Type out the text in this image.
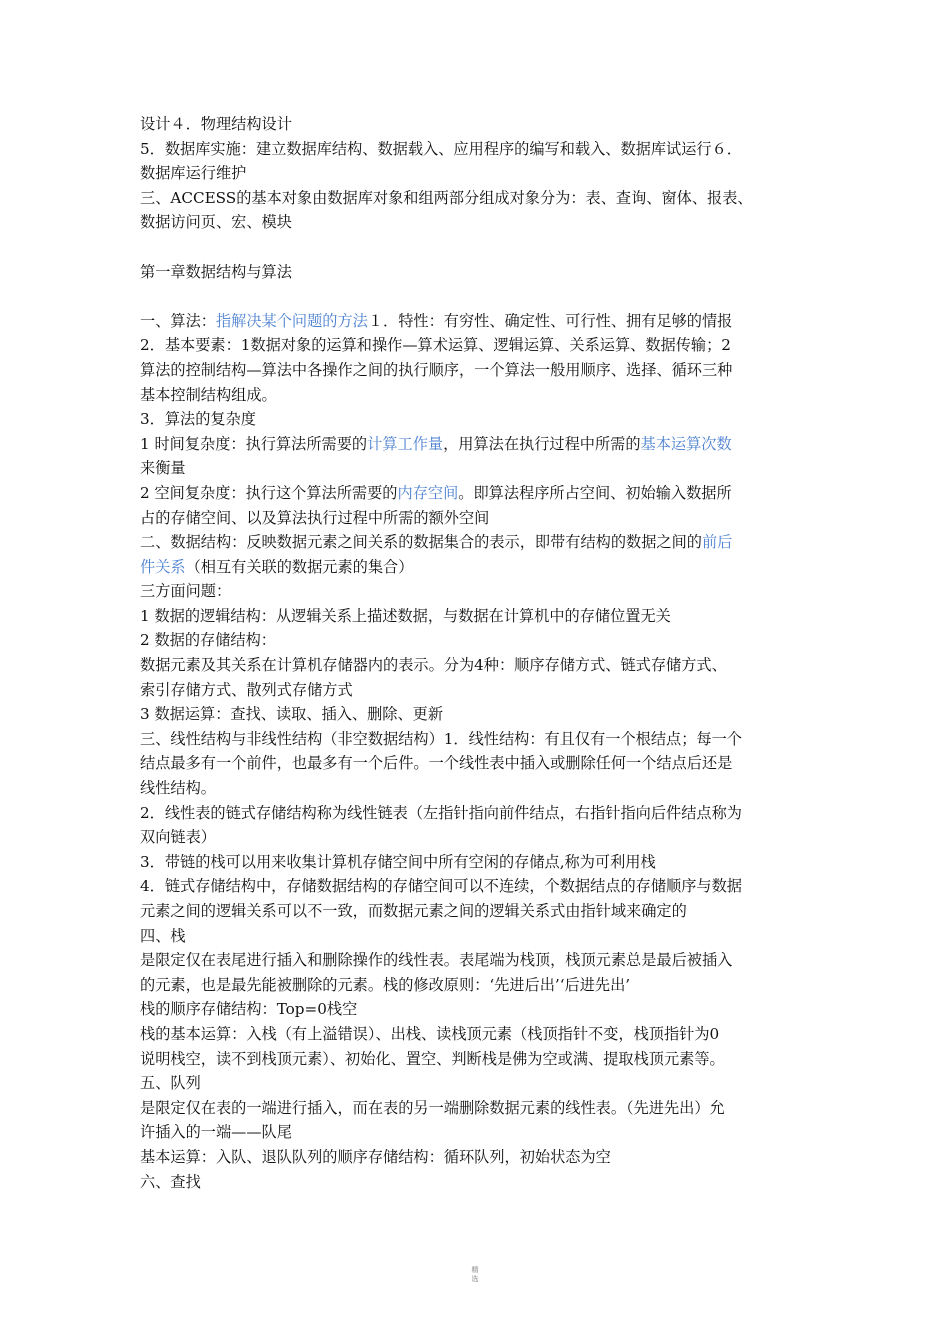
设计４．物理结构设计
5．数据库实施：建立数据库结构、数据载入、应用程序的编写和载入、数据库试运行６．
数据库运行维护
三、ACCESS的基本对象由数据库对象和组两部分组成对象分为：表、查询、窗体、报表、
数据访问页、宏、模块
第一章数据结构与算法
一、算法：指解决某个问题的方法１．特性：有穷性、确定性、可行性、拥有足够的情报
2．基本要素：1数据对象的运算和操作—算术运算、逻辑运算、关系运算、数据传输；2
算法的控制结构—算法中各操作之间的执行顺序，一个算法一般用顺序、选择、循环三种
基本控制结构组成。
3．算法的复杂度
1 时间复杂度：执行算法所需要的计算工作量，用算法在执行过程中所需的基本运算次数
来衡量
2 空间复杂度：执行这个算法所需要的内存空间。即算法程序所占空间、初始输入数据所
占的存储空间、以及算法执行过程中所需的额外空间
二、数据结构：反映数据元素之间关系的数据集合的表示，即带有结构的数据之间的前后
件关系（相互有关联的数据元素的集合）
三方面问题：
1 数据的逻辑结构：从逻辑关系上描述数据，与数据在计算机中的存储位置无关
2 数据的存储结构：
数据元素及其关系在计算机存储器内的表示。分为4种：顺序存储方式、链式存储方式、
索引存储方式、散列式存储方式
3 数据运算：查找、读取、插入、删除、更新
三、线性结构与非线性结构（非空数据结构）1．线性结构：有且仅有一个根结点；每一个
结点最多有一个前件，也最多有一个后件。一个线性表中插入或删除任何一个结点后还是
线性结构。
2．线性表的链式存储结构称为线性链表（左指针指向前件结点，右指针指向后件结点称为
双向链表）
3．带链的栈可以用来收集计算机存储空间中所有空闲的存储点,称为可利用栈
4．链式存储结构中，存储数据结构的存储空间可以不连续，个数据结点的存储顺序与数据
元素之间的逻辑关系可以不一致，而数据元素之间的逻辑关系式由指针域来确定的
四、栈
是限定仅在表尾进行插入和删除操作的线性表。表尾端为栈顶，栈顶元素总是最后被插入
的元素，也是最先能被删除的元素。栈的修改原则：‘先进后出’‘后进先出’
栈的顺序存储结构：Top=0栈空
栈的基本运算：入栈（有上溢错误）、出栈、读栈顶元素（栈顶指针不变，栈顶指针为0
说明栈空，读不到栈顶元素）、初始化、置空、判断栈是佛为空或满、提取栈顶元素等。
五、队列
是限定仅在表的一端进行插入，而在表的另一端删除数据元素的线性表。（先进先出）允
许插入的一端——队尾
基本运算：入队、退队队列的顺序存储结构：循环队列，初始状态为空
六、查找
精
选
